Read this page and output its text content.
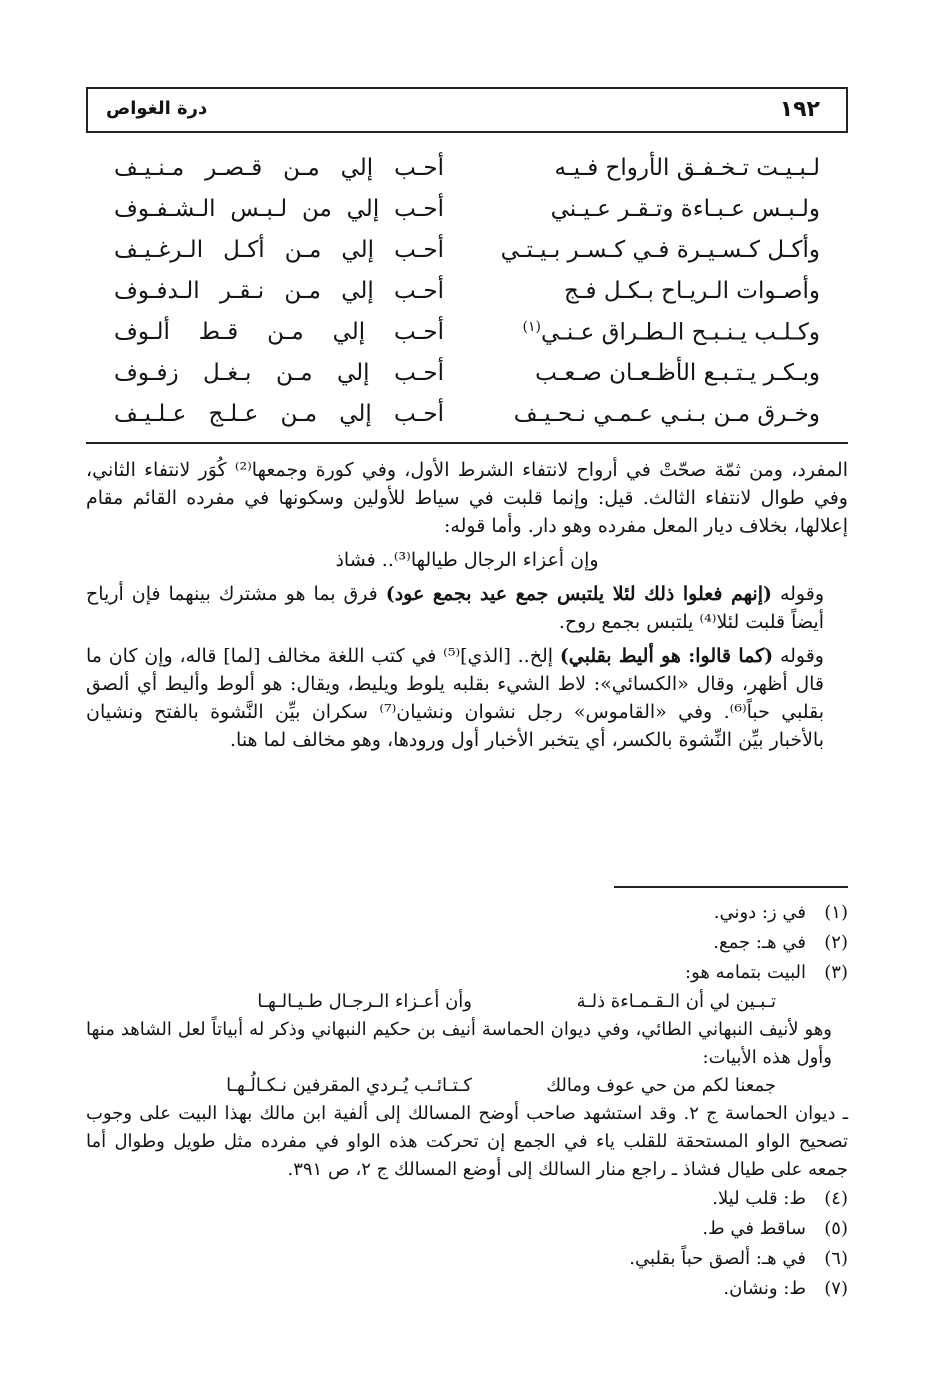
١٩٢
درة الغواص
لـبـيـت تـخـفـق الأرواح فـيـه
أحـب إلي مـن قـصـر مـنـيـف
ولـبـس عـبـاءة وتـقـر عـيـني
أحـب إلي من لـبـس الـشـفـوف
وأكـل كـسـيـرة فـي كـسـر بـيـتـي
أحـب إلي مـن أكـل الـرغـيـف
وأصـوات الـريـاح بـكـل فـج
أحـب إلي مـن نـقـر الـدفـوف
وكـلـب يـنـبـح الـطـراق عـنـي$^{(١)}$
أحـب إلي مـن قـط ألـوف
وبـكـر يـتـبـع الأظـعـان صـعـب
أحـب إلي مـن بـغـل زفـوف
وخـرق مـن بـنـي عـمـي نـحـيـف
أحـب إلي مـن عـلـج عـلـيـف

المفرد، ومن ثمّة صحّتْ في أرواح لانتفاء الشرط الأول، وفي كورة وجمعها⁽²⁾ كُوَر لانتفاء الثاني، وفي طوال لانتفاء الثالث. قيل: وإنما قلبت في سياط للأولين وسكونها في مفرده القائم مقام إعلالها، بخلاف ديار المعل مفرده وهو دار. وأما قوله:

وإن أعزاء الرجال طيالها⁽³⁾.. فشاذ

وقوله (إنهم فعلوا ذلك لئلا يلتبس جمع عيد بجمع عود) فرق بما هو مشترك بينهما فإن أرياح أيضاً قلبت لئلا⁽⁴⁾ يلتبس بجمع روح.

وقوله (كما قالوا: هو أليط بقلبي) إلخ.. [الذي]⁽⁵⁾ في كتب اللغة مخالف [لما] قاله، وإن كان ما قال أظهر، وقال «الكسائي»: لاط الشيء بقلبه يلوط ويليط، ويقال: هو ألوط وأليط أي ألصق بقلبي حباً⁽⁶⁾. وفي «القاموس» رجل نشوان ونشيان⁽⁷⁾ سكران بيِّن النَّشوة بالفتح ونشيان بالأخبار بيِّن النِّشوة بالكسر، أي يتخبر الأخبار أول ورودها، وهو مخالف لما هنا.

(١)
في ز: دوني.
(٢)
في هـ: جمع.
(٣)
البيت بتمامه هو:
تـبـين لي أن الـقـمـاءة ذلـة
وأن أعـزاء الـرجـال طـيـالـهـا
وهو لأنيف النبهاني الطائي، وفي ديوان الحماسة أنيف بن حكيم النبهاني وذكر له أبياتاً لعل الشاهد منها وأول هذه الأبيات:
جمعنا لكم من حي عوف ومالك
كـتـائـب يُـردي المقرفين نـكـالُـهـا
ـ ديوان الحماسة ج ٢. وقد استشهد صاحب أوضح المسالك إلى ألفية ابن مالك بهذا البيت على وجوب تصحيح الواو المستحقة للقلب ياء في الجمع إن تحركت هذه الواو في مفرده مثل طويل وطوال أما جمعه على طيال فشاذ ـ راجع منار السالك إلى أوضع المسالك ج ٢، ص ٣٩١.
(٤)
ط: قلب ليلا.
(٥)
ساقط في ط.
(٦)
في هـ: ألصق حباً بقلبي.
(٧)
ط: ونشان.
